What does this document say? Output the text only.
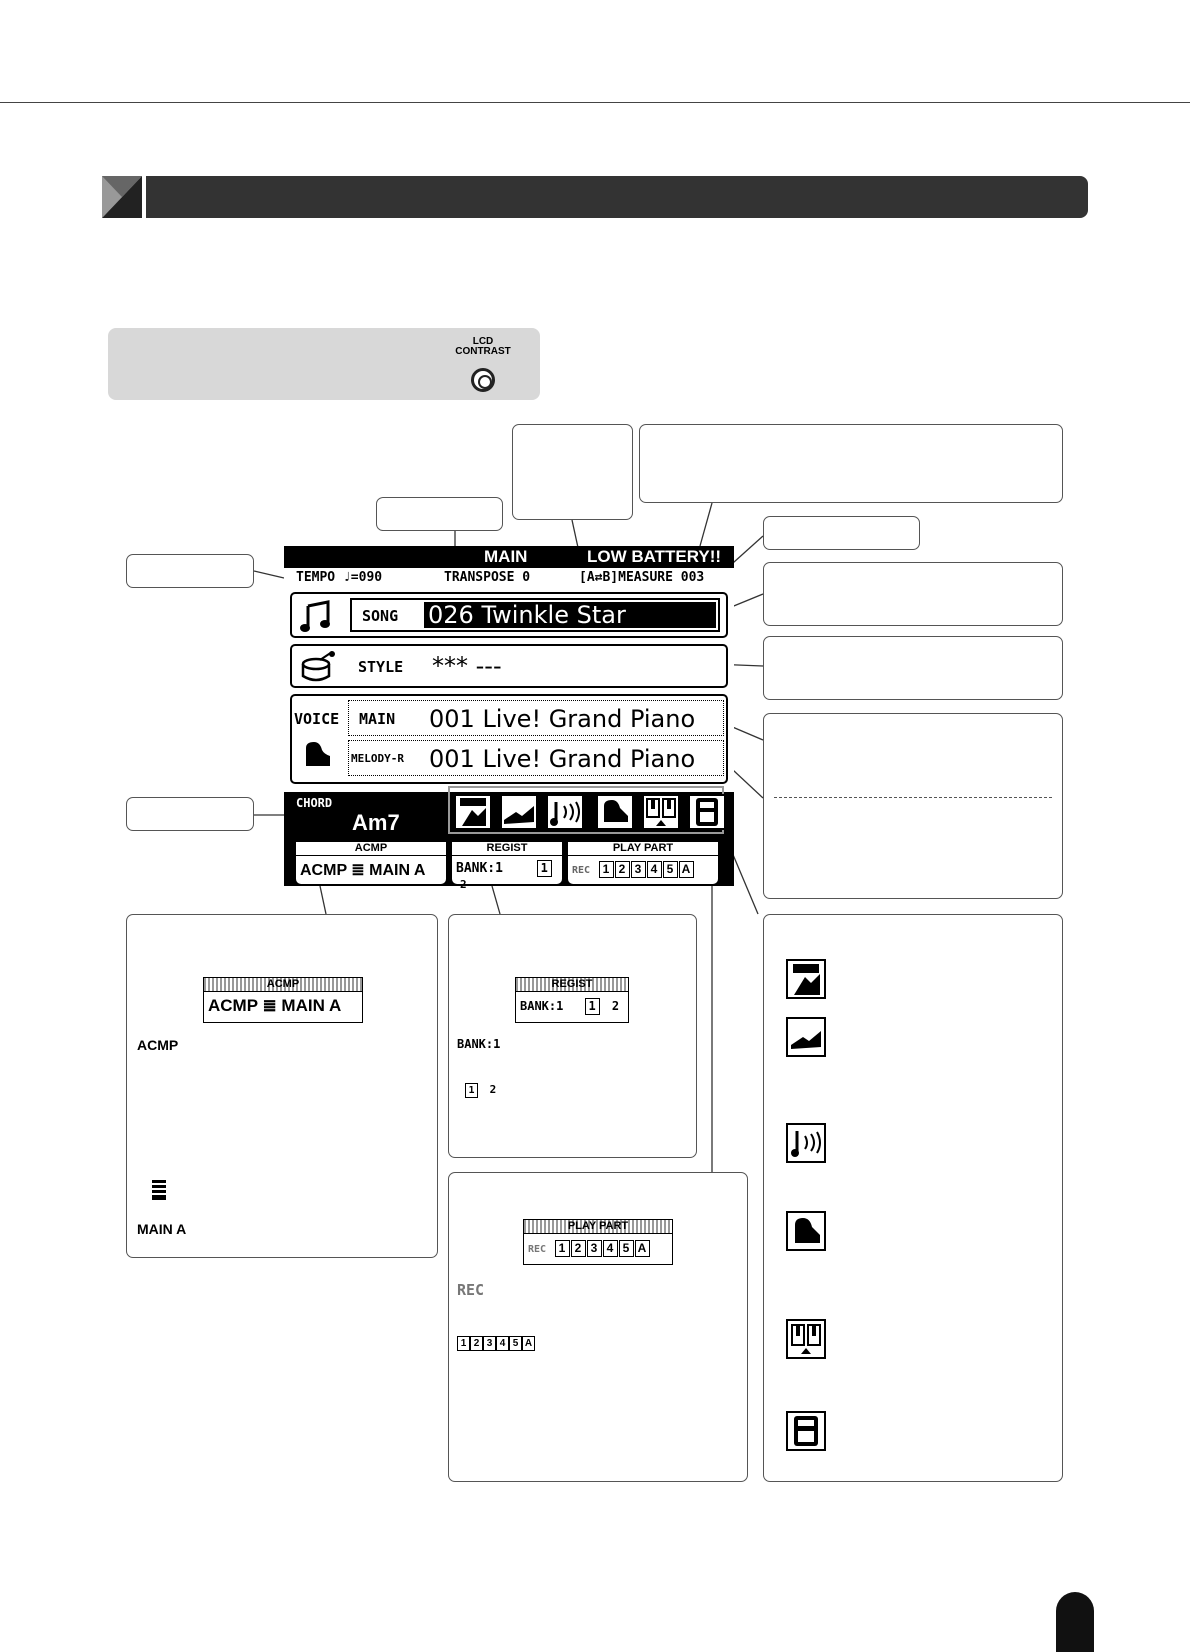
LCD
CONTRAST
MAIN	LOW BATTERY!!
TEMPO ♩=090	TRANSPOSE 0	[A⇄B]MEASURE 003
SONG 026 Twinkle Star
STYLE *** ---
VOICE MAIN 001 Live! Grand Piano
MELODY-R 001 Live! Grand Piano
CHORD
Am7
ACMP
ACMP ≣ MAIN A
REGIST
BANK:1	1 2
PLAY PART
REC 1 2 3 4 5 A
ACMP
ACMP ≣ MAIN A
ACMP
MAIN A
REGIST
BANK:1 1 2
BANK:1
1 2
PLAY PART
REC 1 2 3 4 5 A
REC
1 2 3 4 5 A
